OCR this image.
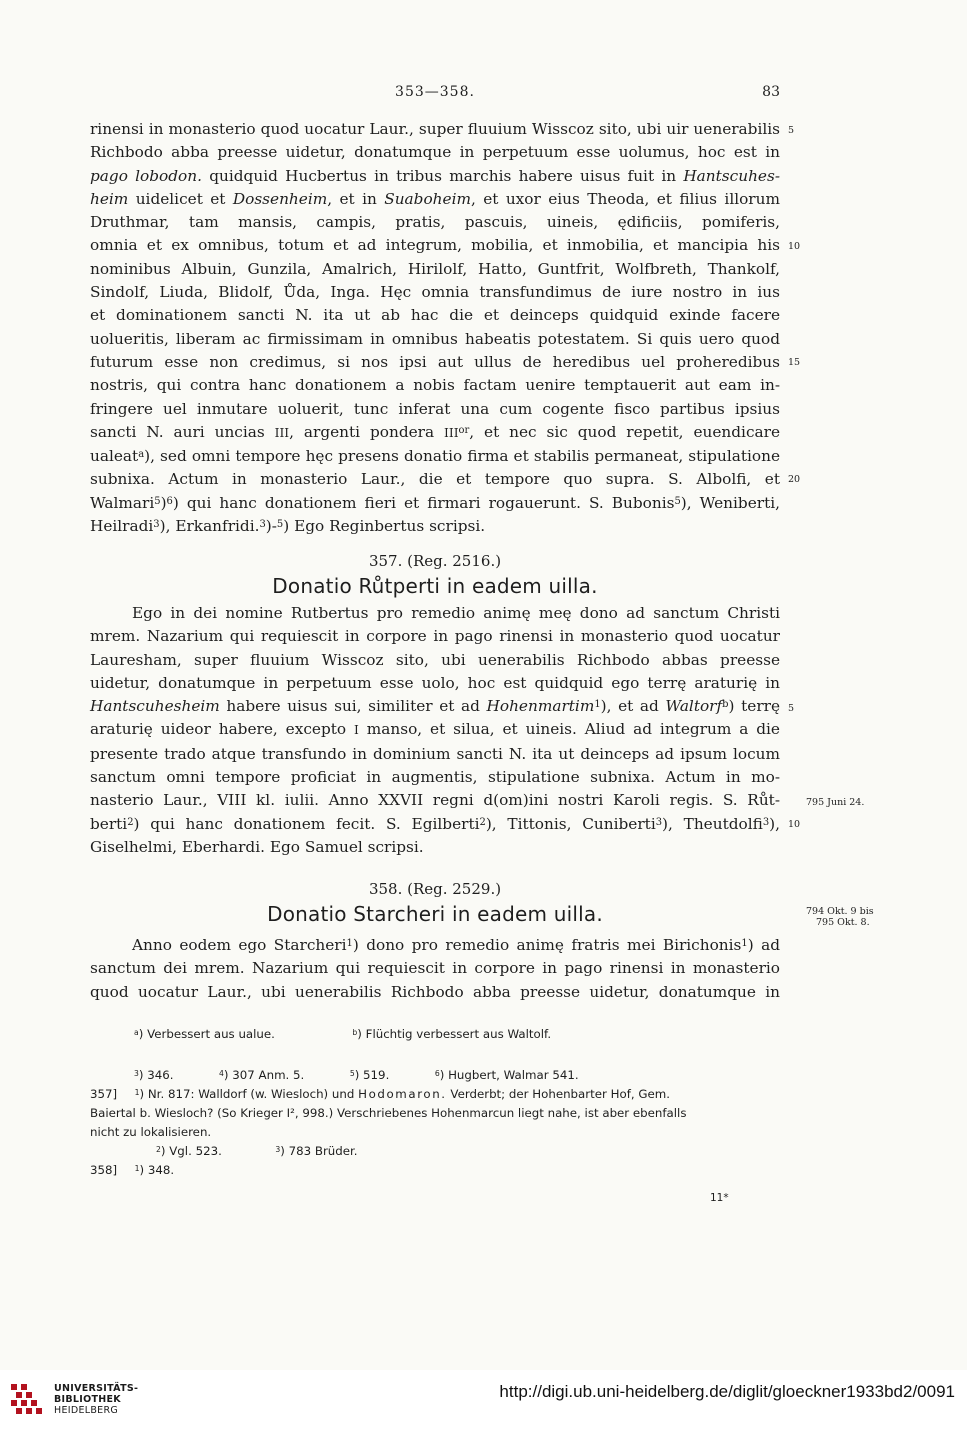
353—358.	83
rinensi in monasterio quod uocatur Laur., super fluuium Wisscoz sito, ubi uir uenerabilis
Richbodo abba preesse uidetur, donatumque in perpetuum esse uolumus, hoc est in
pago lobodon. quidquid Hucbertus in tribus marchis habere uisus fuit in Hantscuhes-
heim uidelicet et Dossenheim, et in Suaboheim, et uxor eius Theoda, et filius illorum
Druthmar, tam mansis, campis, pratis, pascuis, uineis, ędificiis, pomiferis,
omnia et ex omnibus, totum et ad integrum, mobilia, et inmobilia, et mancipia his
nominibus Albuin, Gunzila, Amalrich, Hirilolf, Hatto, Guntfrit, Wolfbreth, Thankolf,
Sindolf, Liuda, Blidolf, Ůda, Inga. Hęc omnia transfundimus de iure nostro in ius
et dominationem sancti N. ita ut ab hac die et deinceps quidquid exinde facere
uolueritis, liberam ac firmissimam in omnibus habeatis potestatem. Si quis uero quod
futurum esse non credimus, si nos ipsi aut ullus de heredibus uel proheredibus
nostris, qui contra hanc donationem a nobis factam uenire temptauerit aut eam in-
fringere uel inmutare uoluerit, tunc inferat una cum cogente fisco partibus ipsius
sancti N. auri uncias III, argenti pondera $III^{or}$, et nec sic quod repetit, euendicare
ualeat$^a$), sed omni tempore hęc presens donatio firma et stabilis permaneat, stipulatione
subnixa. Actum in monasterio Laur., die et tempore quo supra. S. Albolfi, et
Walmari$^5$)$^6$) qui hanc donationem fieri et firmari rogauerunt. S. Bubonis$^5$), Weniberti,
Heilradi$^3$), Erkanfridi.$^3$)-$^5$) Ego Reginbertus scripsi.
5
10
15
20
357. (Reg. 2516.)
Donatio Růtperti in eadem uilla.
Ego in dei nomine Rutbertus pro remedio animę meę dono ad sanctum Christi
mrem. Nazarium qui requiescit in corpore in pago rinensi in monasterio quod uocatur
Lauresham, super fluuium Wisscoz sito, ubi uenerabilis Richbodo abbas preesse
uidetur, donatumque in perpetuum esse uolo, hoc est quidquid ego terrę araturię in
Hantscuhesheim habere uisus sui, similiter et ad Hohenmartim$^1$), et ad Waltorf$^b$) terrę
araturię uideor habere, excepto I manso, et silua, et uineis. Aliud ad integrum a die
presente trado atque transfundo in dominium sancti N. ita ut deinceps ad ipsum locum
sanctum omni tempore proficiat in augmentis, stipulatione subnixa. Actum in mo-
nasterio Laur., VIII kl. iulii. Anno XXVII regni d(om)ini nostri Karoli regis. S. Růt-
berti$^2$) qui hanc donationem fecit. S. Egilberti$^2$), Tittonis, Cuniberti$^3$), Theutdolfi$^3$),
Giselhelmi, Eberhardi. Ego Samuel scripsi.
5
10
795 Juni 24.
358. (Reg. 2529.)
Donatio Starcheri in eadem uilla.	794 Okt. 9 bis
795 Okt. 8.
Anno eodem ego Starcheri$^1$) dono pro remedio animę fratris mei Birichonis$^1$) ad
sanctum dei mrem. Nazarium qui requiescit in corpore in pago rinensi in monasterio
quod uocatur Laur., ubi uenerabilis Richbodo abba preesse uidetur, donatumque in
$^a$) Verbessert aus ualue.	$^b$) Flüchtig verbessert aus Waltolf.
$^3$) 346.	$^4$) 307 Anm. 5.	$^5$) 519.	$^6$) Hugbert, Walmar 541.
357] $^1$) Nr. 817: Walldorf (w. Wiesloch) und Hodomaron. Verderbt; der Hohenbarter Hof, Gem.
Baiertal b. Wiesloch? (So Krieger I², 998.) Verschriebenes Hohenmarcun liegt nahe, ist aber ebenfalls
nicht zu lokalisieren.
$^2$) Vgl. 523.	$^3$) 783 Brüder.
358] $^1$) 348.
11*
UNIVERSITÄTS-
BIBLIOTHEK
HEIDELBERG
http://digi.ub.uni-heidelberg.de/diglit/gloeckner1933bd2/0091
